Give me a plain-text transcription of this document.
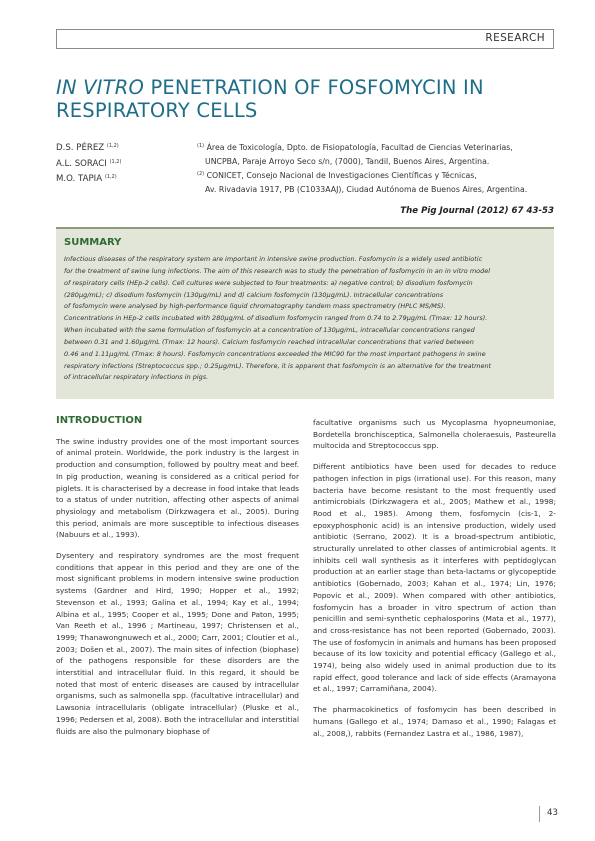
RESEARCH
IN VITRO PENETRATION OF FOSFOMYCIN IN
RESPIRATORY CELLS
D.S. PÉREZ $^{(1,2)}$
A.L. SORACI $^{(1,2)}$
M.O. TAPIA $^{(1,2)}$
$^{(1)}$ Área de Toxicología, Dpto. de Fisiopatología, Facultad de Ciencias Veterinarias,
UNCPBA, Paraje Arroyo Seco s/n, (7000), Tandil, Buenos Aires, Argentina.
$^{(2)}$ CONICET, Consejo Nacional de Investigaciones Científicas y Técnicas,
Av. Rivadavia 1917, PB (C1033AAJ), Ciudad Autónoma de Buenos Aires, Argentina.
The Pig Journal (2012) 67 43-53
SUMMARY
Infectious diseases of the respiratory system are important in intensive swine production. Fosfomycin is a widely used antibiotic
for the treatment of swine lung infections. The aim of this research was to study the penetration of fosfomycin in an in vitro model
of respiratory cells (HEp-2 cells). Cell cultures were subjected to four treatments: a) negative control; b) disodium fosfomycin
(280μg/mL); c) disodium fosfomycin (130μg/mL) and d) calcium fosfomycin (130μg/mL). Intracellular concentrations
of fosfomycin were analysed by high-performance liquid chromatography tandem mass spectrometry (HPLC MS/MS).
Concentrations in HEp-2 cells incubated with 280μg/mL of disodium fosfomycin ranged from 0.74 to 2.79μg/mL (Tmax: 12 hours).
When incubated with the same formulation of fosfomycin at a concentration of 130μg/mL, intracellular concentrations ranged
between 0.31 and 1.60μg/mL (Tmax: 12 hours). Calcium fosfomycin reached intracellular concentrations that varied between
0.46 and 1.11μg/mL (Tmax: 8 hours). Fosfomycin concentrations exceeded the MIC90 for the most important pathogens in swine
respiratory infections (Streptococcus spp.; 0.25μg/mL). Therefore, it is apparent that fosfomycin is an alternative for the treatment
of intracellular respiratory infections in pigs.
INTRODUCTION

The swine industry provides one of the most important sources of animal protein. Worldwide, the pork industry is the largest in production and consumption, followed by poultry meat and beef. In pig production, weaning is considered as a critical period for piglets. It is characterised by a decrease in food intake that leads to a status of under nutrition, affecting other aspects of animal physiology and metabolism (Dirkzwagera et al., 2005). During this period, animals are more susceptible to infectious diseases (Nabuurs et al., 1993).

Dysentery and respiratory syndromes are the most frequent conditions that appear in this period and they are one of the most significant problems in modern intensive swine production systems (Gardner and Hird, 1990; Hopper et al., 1992; Stevenson et al., 1993; Galina et al., 1994; Kay et al., 1994; Albina et al., 1995; Cooper et al., 1995; Done and Paton, 1995; Van Reeth et al., 1996 ; Martineau, 1997; Christensen et al., 1999; Thanawongnuwech et al., 2000; Carr, 2001; Cloutier et al., 2003; Došen et al., 2007). The main sites of infection (biophase) of the pathogens responsible for these disorders are the interstitial and intracellular fluid. In this regard, it should be noted that most of enteric diseases are caused by intracellular organisms, such as salmonella spp. (facultative intracellular) and Lawsonia intracellularis (obligate intracellular) (Pluske et al., 1996; Pedersen et al, 2008). Both the intracellular and interstitial fluids are also the pulmonary biophase of

facultative organisms such us Mycoplasma hyopneumoniae, Bordetella bronchisceptica, Salmonella choleraesuis, Pasteurella multocida and Streptococcus spp.

Different antibiotics have been used for decades to reduce pathogen infection in pigs (irrational use). For this reason, many bacteria have become resistant to the most frequently used antimicrobials (Dirkzwagera et al., 2005; Mathew et al., 1998; Rood et al., 1985). Among them, fosfomycin (cis-1, 2-epoxyphosphonic acid) is an intensive production, widely used antibiotic (Serrano, 2002). It is a broad-spectrum antibiotic, structurally unrelated to other classes of antimicrobial agents. It inhibits cell wall synthesis as it interferes with peptidoglycan production at an earlier stage than beta-lactams or glycopeptide antibiotics (Gobernado, 2003; Kahan et al., 1974; Lin, 1976; Popovic et al., 2009). When compared with other antibiotics, fosfomycin has a broader in vitro spectrum of action than penicillin and semi-synthetic cephalosporins (Mata et al., 1977), and cross-resistance has not been reported (Gobernado, 2003). The use of fosfomycin in animals and humans has been proposed because of its low toxicity and potential efficacy (Gallego et al., 1974), being also widely used in animal production due to its rapid effect, good tolerance and lack of side effects (Aramayona et al., 1997; Carramiñana, 2004).

The pharmacokinetics of fosfomycin has been described in humans (Gallego et al., 1974; Damaso et al., 1990; Falagas et al., 2008,), rabbits (Fernandez Lastra et al., 1986, 1987),

43
